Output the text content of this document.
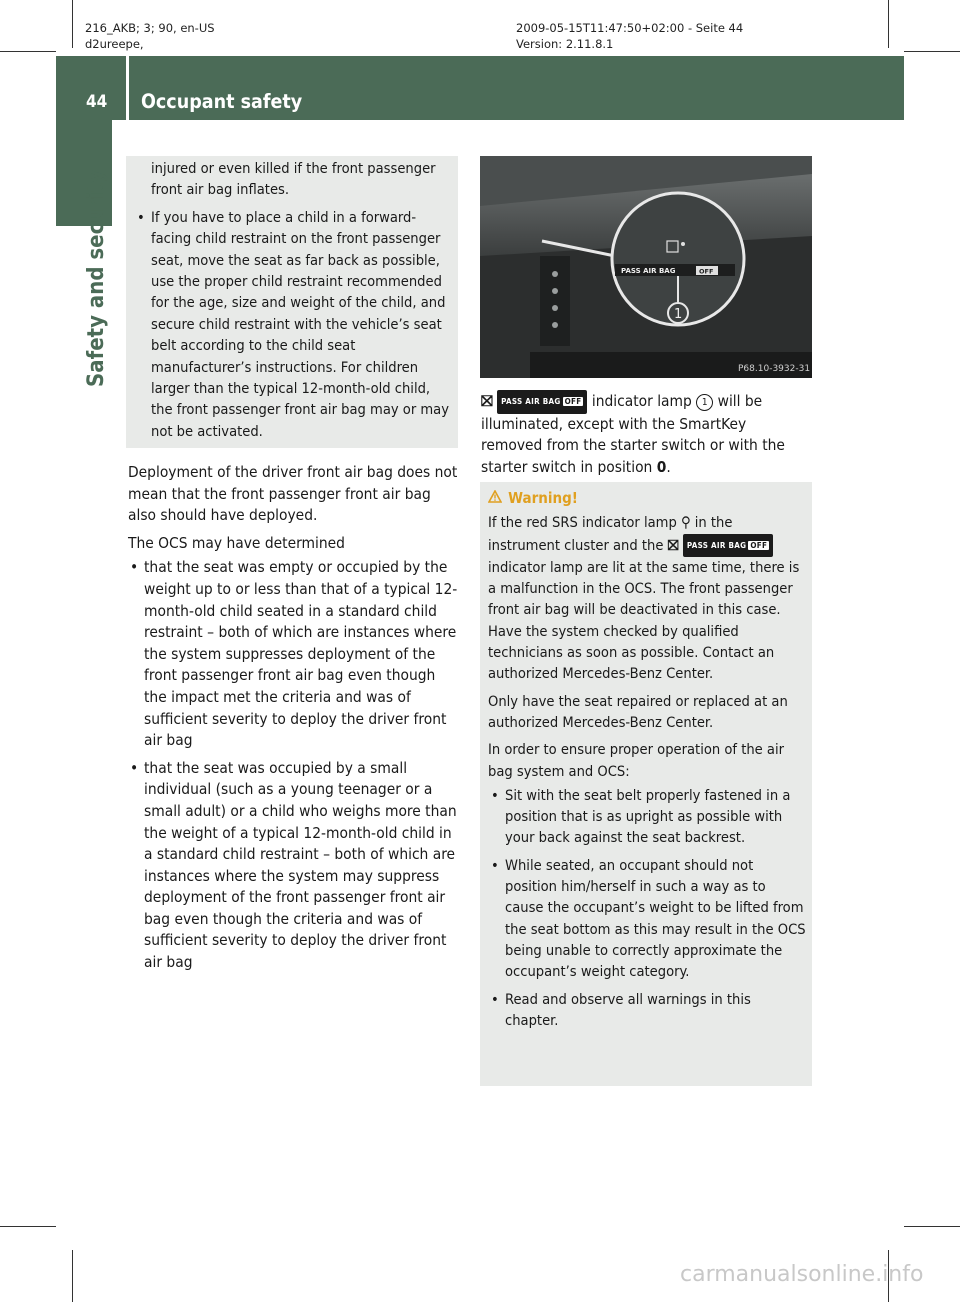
216_AKB; 3; 90, en-US
d2ureepe,
2009-05-15T11:47:50+02:00 - Seite 44
Version: 2.11.8.1
44 Occupant safety
Safety and security

injured or even killed if the front passenger front air bag inflates.

• If you have to place a child in a forward-facing child restraint on the front passenger seat, move the seat as far back as possible, use the proper child restraint recommended for the age, size and weight of the child, and secure child restraint with the vehicle’s seat belt according to the child seat manufacturer’s instructions. For children larger than the typical 12-month-old child, the front passenger front air bag may or may not be activated.

Deployment of the driver front air bag does not mean that the front passenger front air bag also should have deployed.

The OCS may have determined

• that the seat was empty or occupied by the weight up to or less than that of a typical 12-month-old child seated in a standard child restraint – both of which are instances where the system suppresses deployment of the front passenger front air bag even though the impact met the criteria and was of sufficient severity to deploy the driver front air bag

• that the seat was occupied by a small individual (such as a young teenager or a small adult) or a child who weighs more than the weight of a typical 12-month-old child in a standard child restraint – both of which are instances where the system may suppress deployment of the front passenger front air bag even though the criteria and was of sufficient severity to deploy the driver front air bag

PASS AIR BAG	OFF
1
P68.10-3932-31

⛝ PASS AIR BAG OFF indicator lamp 1 will be illuminated, except with the SmartKey removed from the starter switch or with the starter switch in position 0.

Warning!

If the red SRS indicator lamp ⚲ in the instrument cluster and the ⛝ PASS AIR BAG OFF indicator lamp are lit at the same time, there is a malfunction in the OCS. The front passenger front air bag will be deactivated in this case. Have the system checked by qualified technicians as soon as possible. Contact an authorized Mercedes-Benz Center.

Only have the seat repaired or replaced at an authorized Mercedes-Benz Center.

In order to ensure proper operation of the air bag system and OCS:

• Sit with the seat belt properly fastened in a position that is as upright as possible with your back against the seat backrest.

• While seated, an occupant should not position him/herself in such a way as to cause the occupant’s weight to be lifted from the seat bottom as this may result in the OCS being unable to correctly approximate the occupant’s weight category.

• Read and observe all warnings in this chapter.

carmanualsonline.info
